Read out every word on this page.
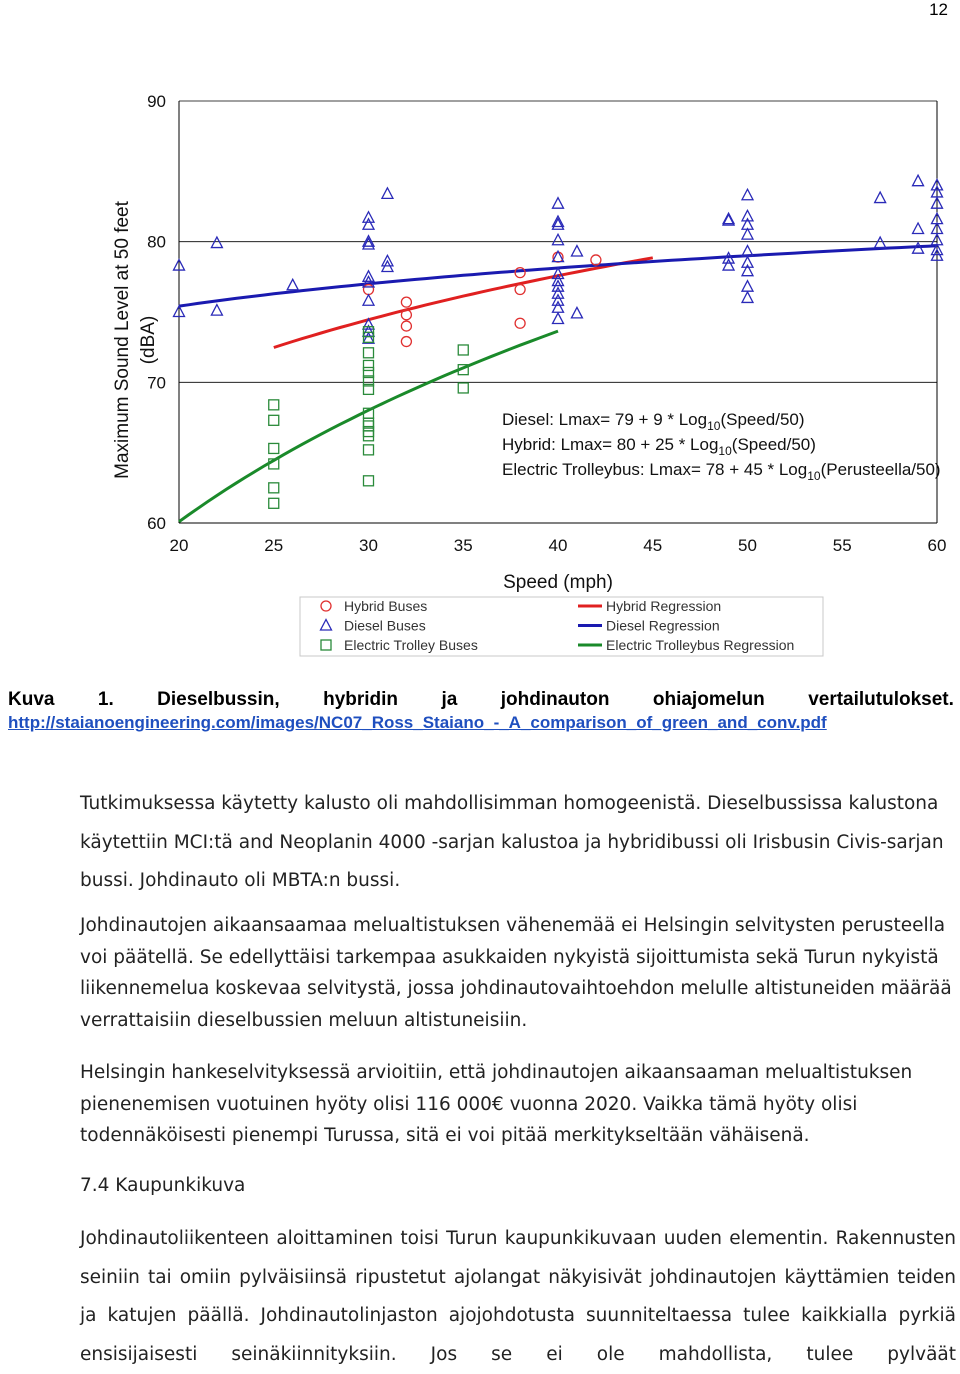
12
60
70
80
90
20	25	30	35	40	45	50	55	60
Maximum Sound Level at 50 feet (dBA)
Speed (mph)
Diesel: Lmax= 79 + 9 * Log$_{10}$(Speed/50)
Hybrid: Lmax= 80 + 25 * Log$_{10}$(Speed/50)
Electric Trolleybus: Lmax= 78 + 45 * Log$_{10}$(Perusteella/50)
Hybrid Buses	Hybrid Regression
Diesel Buses	Diesel Regression
Electric Trolley Buses	Electric Trolleybus Regression
Kuva 1. Dieselbussin, hybridin ja johdinauton ohiajomelun vertailutulokset.
http://staianoengineering.com/images/NC07_Ross_Staiano_-_A_comparison_of_green_and_conv.pdf

Tutkimuksessa käytetty kalusto oli mahdollisimman homogeenistä. Dieselbussissa kalustona käytettiin MCI:tä and Neoplanin 4000 -sarjan kalustoa ja hybridibussi oli Irisbusin Civis-sarjan bussi. Johdinauto oli MBTA:n bussi.

Johdinautojen aikaansaamaa melualtistuksen vähenemää ei Helsingin selvitysten perusteella voi päätellä. Se edellyttäisi tarkempaa asukkaiden nykyistä sijoittumista sekä Turun nykyistä liikennemelua koskevaa selvitystä, jossa johdinautovaihtoehdon melulle altistuneiden määrää verrattaisiin dieselbussien meluun altistuneisiin.

Helsingin hankeselvityksessä arvioitiin, että johdinautojen aikaansaaman melualtistuksen pienenemisen vuotuinen hyöty olisi 116 000€ vuonna 2020. Vaikka tämä hyöty olisi todennäköisesti pienempi Turussa, sitä ei voi pitää merkitykseltään vähäisenä.

7.4 Kaupunkikuva

Johdinautoliikenteen aloittaminen toisi Turun kaupunkikuvaan uuden elementin. Rakennusten seiniin tai omiin pylväisiinsä ripustetut ajolangat näkyisivät johdinautojen käyttämien teiden ja katujen päällä. Johdinautolinjaston ajojohdotusta suunniteltaessa tulee kaikkialla pyrkiä ensisijaisesti seinäkiinnityksiin. Jos se ei ole mahdollista, tulee pylväät
